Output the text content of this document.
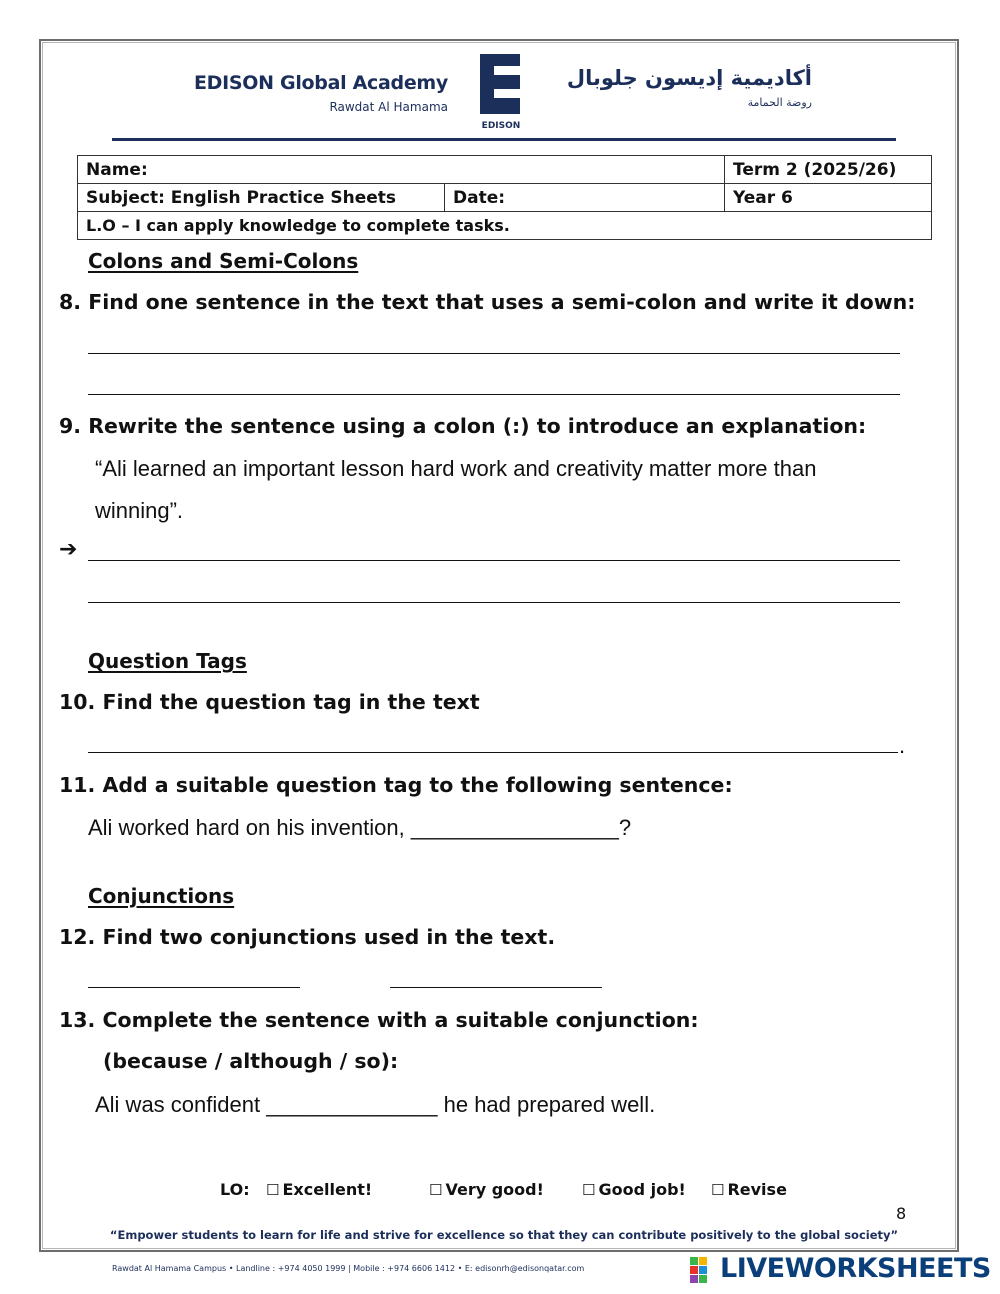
EDISON Global Academy
Rawdat Al Hamama
EDISON
أكاديمية إديسون جلوبال
روضة الحمامة
Name:		Term 2 (2025/26)
Subject: English Practice Sheets	Date:	Year 6
L.O – I can apply knowledge to complete tasks.		
Colons and Semi-Colons
8. Find one sentence in the text that uses a semi-colon and write it down:
9. Rewrite the sentence using a colon (:) to introduce an explanation:
“Ali learned an important lesson hard work and creativity matter more than
winning”.
➔
Question Tags
10. Find the question tag in the text
.
11. Add a suitable question tag to the following sentence:
Ali worked hard on his invention, _________________?
Conjunctions
12. Find two conjunctions used in the text.
13. Complete the sentence with a suitable conjunction:
(because / although / so):
Ali was confident ______________ he had prepared well.
LO: ☐ Excellent!	☐ Very good!	☐ Good job! ☐ Revise
8
“Empower students to learn for life and strive for excellence so that they can contribute positively to the global society”
Rawdat Al Hamama Campus • Landline : +974 4050 1999 | Mobile : +974 6606 1412 • E: edisonrh@edisonqatar.com	LIVEWORKSHEETS
